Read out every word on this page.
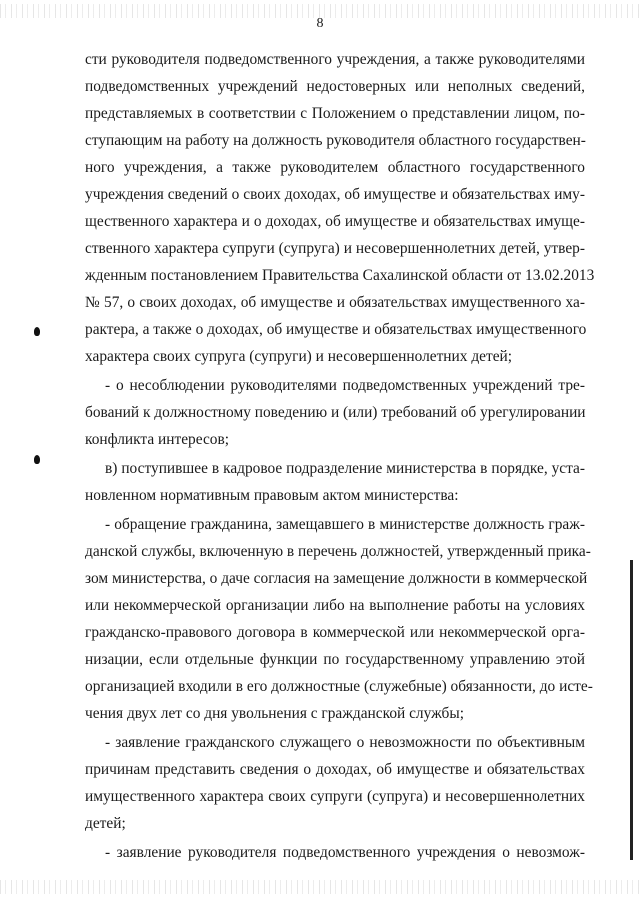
8
сти руководителя подведомственного учреждения, а также руководителями
подведомственных учреждений недостоверных или неполных сведений,
представляемых в соответствии с Положением о представлении лицом, по-
ступающим на работу на должность руководителя областного государствен-
ного учреждения, а также руководителем областного государственного
учреждения сведений о своих доходах, об имуществе и обязательствах иму-
щественного характера и о доходах, об имуществе и обязательствах имуще-
ственного характера супруги (супруга) и несовершеннолетних детей, утвер-
жденным постановлением Правительства Сахалинской области от 13.02.2013
№ 57, о своих доходах, об имуществе и обязательствах имущественного ха-
рактера, а также о доходах, об имуществе и обязательствах имущественного
характера своих супруга (супруги) и несовершеннолетних детей;
- о несоблюдении руководителями подведомственных учреждений тре-
бований к должностному поведению и (или) требований об урегулировании
конфликта интересов;
в) поступившее в кадровое подразделение министерства в порядке, уста-
новленном нормативным правовым актом министерства:
- обращение гражданина, замещавшего в министерстве должность граж-
данской службы, включенную в перечень должностей, утвержденный прика-
зом министерства, о даче согласия на замещение должности в коммерческой
или некоммерческой организации либо на выполнение работы на условиях
гражданско-правового договора в коммерческой или некоммерческой орга-
низации, если отдельные функции по государственному управлению этой
организацией входили в его должностные (служебные) обязанности, до исте-
чения двух лет со дня увольнения с гражданской службы;
- заявление гражданского служащего о невозможности по объективным
причинам представить сведения о доходах, об имуществе и обязательствах
имущественного характера своих супруги (супруга) и несовершеннолетних
детей;
- заявление руководителя подведомственного учреждения о невозмож-
